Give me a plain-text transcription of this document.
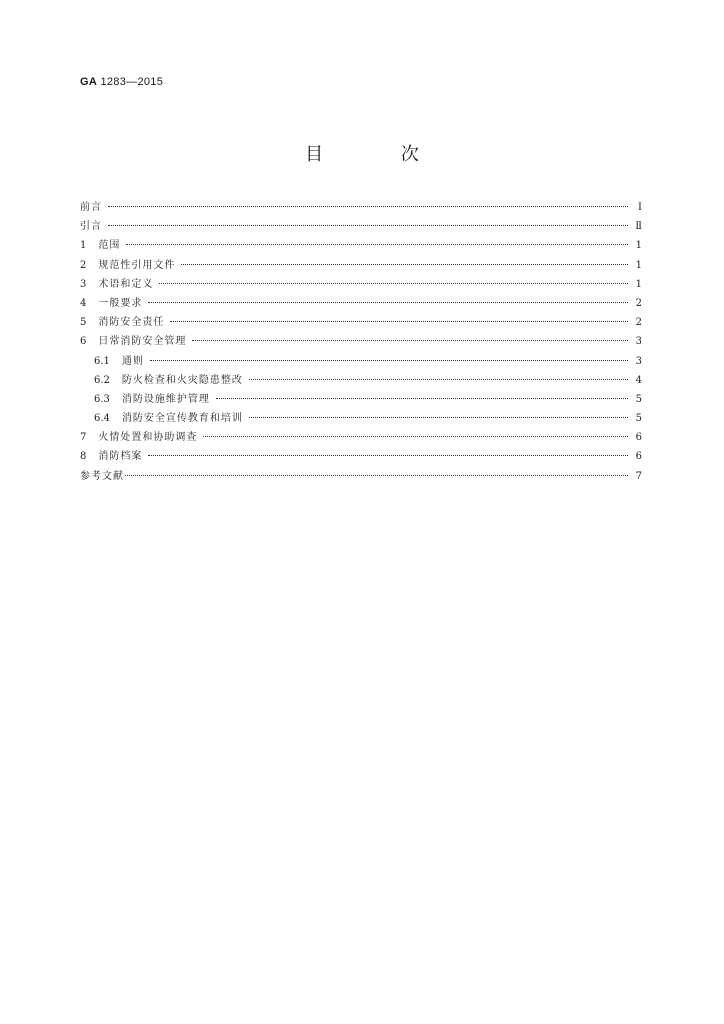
GA 1283—2015
目 次
前言	Ⅰ
引言	Ⅱ
1 范围	1
2 规范性引用文件	1
3 术语和定义	1
4 一般要求	2
5 消防安全责任	2
6 日常消防安全管理	3
6.1 通则	3
6.2 防火检查和火灾隐患整改	4
6.3 消防设施维护管理	5
6.4 消防安全宣传教育和培训	5
7 火情处置和协助调查	6
8 消防档案	6
参考文献	7
